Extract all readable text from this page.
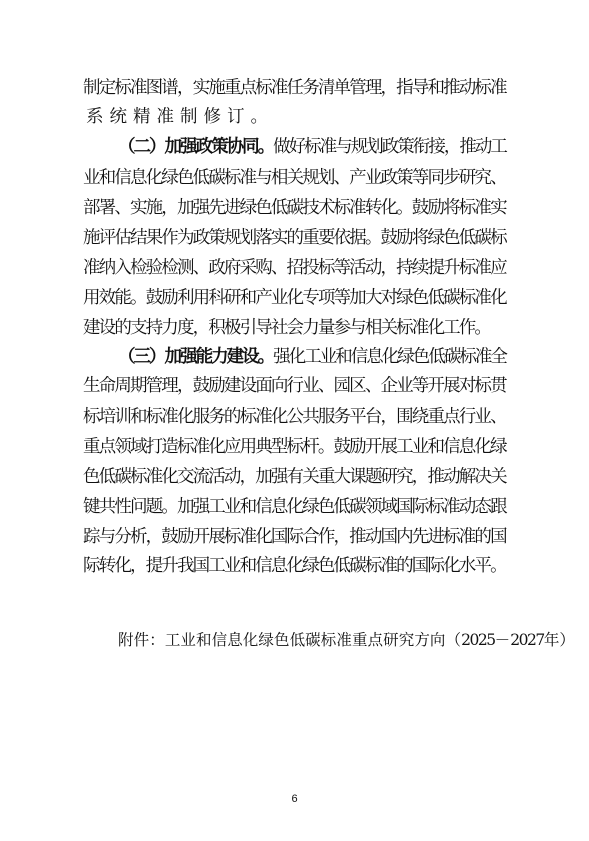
制
定
标
准
图
谱
，
实
施
重
点
标
准
任
务
清
单
管
理
，
指
导
和
推
动
标
准
系 统 精 准 制 修 订 。
（
二
）
加
强
政
策
协
同
。
做
好
标
准
与
规
划
政
策
衔
接
，
推
动
工
业
和
信
息
化
绿
色
低
碳
标
准
与
相
关
规
划
、
产
业
政
策
等
同
步
研
究
、
部
署
、
实
施
，
加
强
先
进
绿
色
低
碳
技
术
标
准
转
化
。
鼓
励
将
标
准
实
施
评
估
结
果
作
为
政
策
规
划
落
实
的
重
要
依
据
。
鼓
励
将
绿
色
低
碳
标
准
纳
入
检
验
检
测
、
政
府
采
购
、
招
投
标
等
活
动
，
持
续
提
升
标
准
应
用
效
能
。
鼓
励
利
用
科
研
和
产
业
化
专
项
等
加
大
对
绿
色
低
碳
标
准
化
建
设
的
支
持
力
度
，
积
极
引
导
社
会
力
量
参
与
相
关
标
准
化
工
作
。
（
三
）
加
强
能
力
建
设
。
强
化
工
业
和
信
息
化
绿
色
低
碳
标
准
全
生
命
周
期
管
理
，
鼓
励
建
设
面
向
行
业
、
园
区
、
企
业
等
开
展
对
标
贯
标
培
训
和
标
准
化
服
务
的
标
准
化
公
共
服
务
平
台
，
围
绕
重
点
行
业
、
重
点
领
域
打
造
标
准
化
应
用
典
型
标
杆
。
鼓
励
开
展
工
业
和
信
息
化
绿
色
低
碳
标
准
化
交
流
活
动
，
加
强
有
关
重
大
课
题
研
究
，
推
动
解
决
关
键
共
性
问
题
。
加
强
工
业
和
信
息
化
绿
色
低
碳
领
域
国
际
标
准
动
态
跟
踪
与
分
析
，
鼓
励
开
展
标
准
化
国
际
合
作
，
推
动
国
内
先
进
标
准
的
国
际
转
化
，
提
升
我
国
工
业
和
信
息
化
绿
色
低
碳
标
准
的
国
际
化
水
平
。
附 件 ： 工 业 和 信 息 化 绿 色 低 碳 标 准 重 点 研 究 方 向 （ 2
0
2
5
－ 2
0
2
7
年 ）
6
